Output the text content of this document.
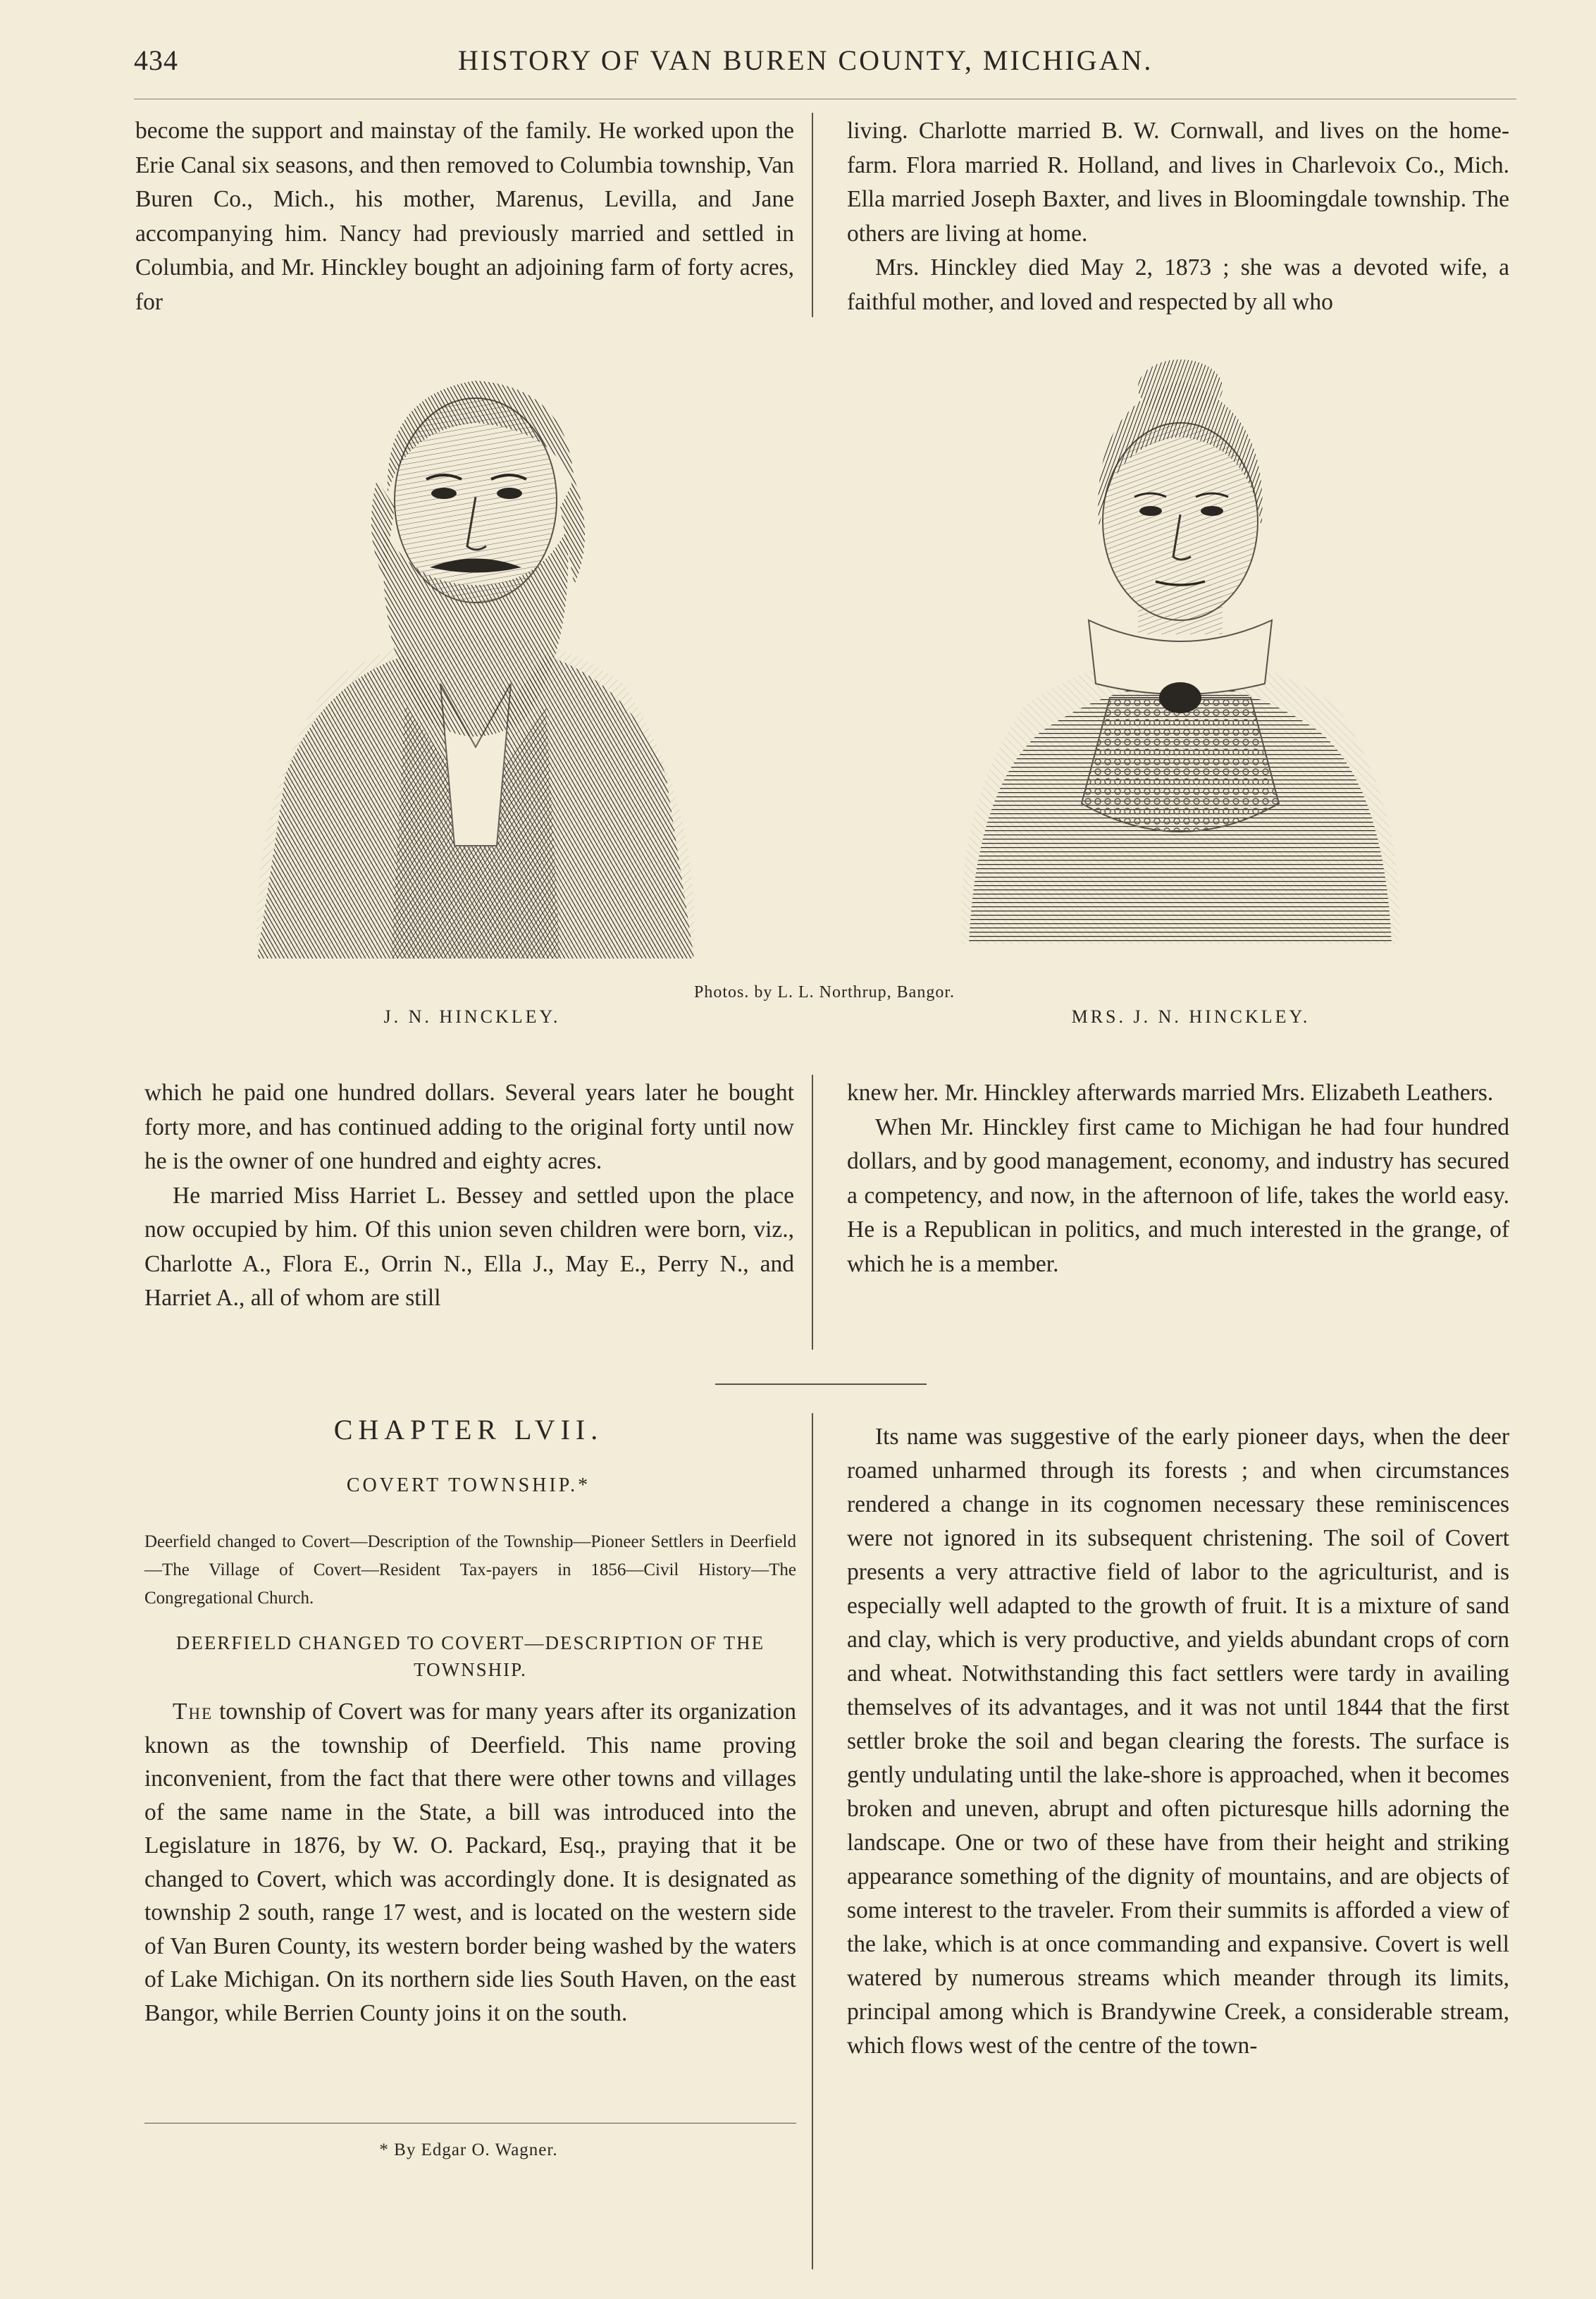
434	HISTORY OF VAN BUREN COUNTY, MICHIGAN.

become the support and mainstay of the family. He worked upon the Erie Canal six seasons, and then removed to Columbia township, Van Buren Co., Mich., his mother, Marenus, Levilla, and Jane accompanying him. Nancy had previously married and settled in Columbia, and Mr. Hinckley bought an adjoining farm of forty acres, for

living. Charlotte married B. W. Cornwall, and lives on the home-farm. Flora married R. Holland, and lives in Charlevoix Co., Mich. Ella married Joseph Baxter, and lives in Bloomingdale township. The others are living at home.

Mrs. Hinckley died May 2, 1873 ; she was a devoted wife, a faithful mother, and loved and respected by all who

Photos. by L. L. Northrup, Bangor.
J. N. HINCKLEY.	MRS. J. N. HINCKLEY.

which he paid one hundred dollars. Several years later he bought forty more, and has continued adding to the original forty until now he is the owner of one hundred and eighty acres.

He married Miss Harriet L. Bessey and settled upon the place now occupied by him. Of this union seven children were born, viz., Charlotte A., Flora E., Orrin N., Ella J., May E., Perry N., and Harriet A., all of whom are still

knew her. Mr. Hinckley afterwards married Mrs. Elizabeth Leathers.

When Mr. Hinckley first came to Michigan he had four hundred dollars, and by good management, economy, and industry has secured a competency, and now, in the afternoon of life, takes the world easy. He is a Republican in politics, and much interested in the grange, of which he is a member.

CHAPTER LVII.
COVERT TOWNSHIP.*
Deerfield changed to Covert—Description of the Township—Pioneer Settlers in Deerfield—The Village of Covert—Resident Tax-payers in 1856—Civil History—The Congregational Church.
DEERFIELD CHANGED TO COVERT—DESCRIPTION OF THE TOWNSHIP.

The township of Covert was for many years after its organization known as the township of Deerfield. This name proving inconvenient, from the fact that there were other towns and villages of the same name in the State, a bill was introduced into the Legislature in 1876, by W. O. Packard, Esq., praying that it be changed to Covert, which was accordingly done. It is designated as township 2 south, range 17 west, and is located on the western side of Van Buren County, its western border being washed by the waters of Lake Michigan. On its northern side lies South Haven, on the east Bangor, while Berrien County joins it on the south.

* By Edgar O. Wagner.

Its name was suggestive of the early pioneer days, when the deer roamed unharmed through its forests ; and when circumstances rendered a change in its cognomen necessary these reminiscences were not ignored in its subsequent christening. The soil of Covert presents a very attractive field of labor to the agriculturist, and is especially well adapted to the growth of fruit. It is a mixture of sand and clay, which is very productive, and yields abundant crops of corn and wheat. Notwithstanding this fact settlers were tardy in availing themselves of its advantages, and it was not until 1844 that the first settler broke the soil and began clearing the forests. The surface is gently undulating until the lake-shore is approached, when it becomes broken and uneven, abrupt and often picturesque hills adorning the landscape. One or two of these have from their height and striking appearance something of the dignity of mountains, and are objects of some interest to the traveler. From their summits is afforded a view of the lake, which is at once commanding and expansive. Covert is well watered by numerous streams which meander through its limits, principal among which is Brandywine Creek, a considerable stream, which flows west of the centre of the town-
